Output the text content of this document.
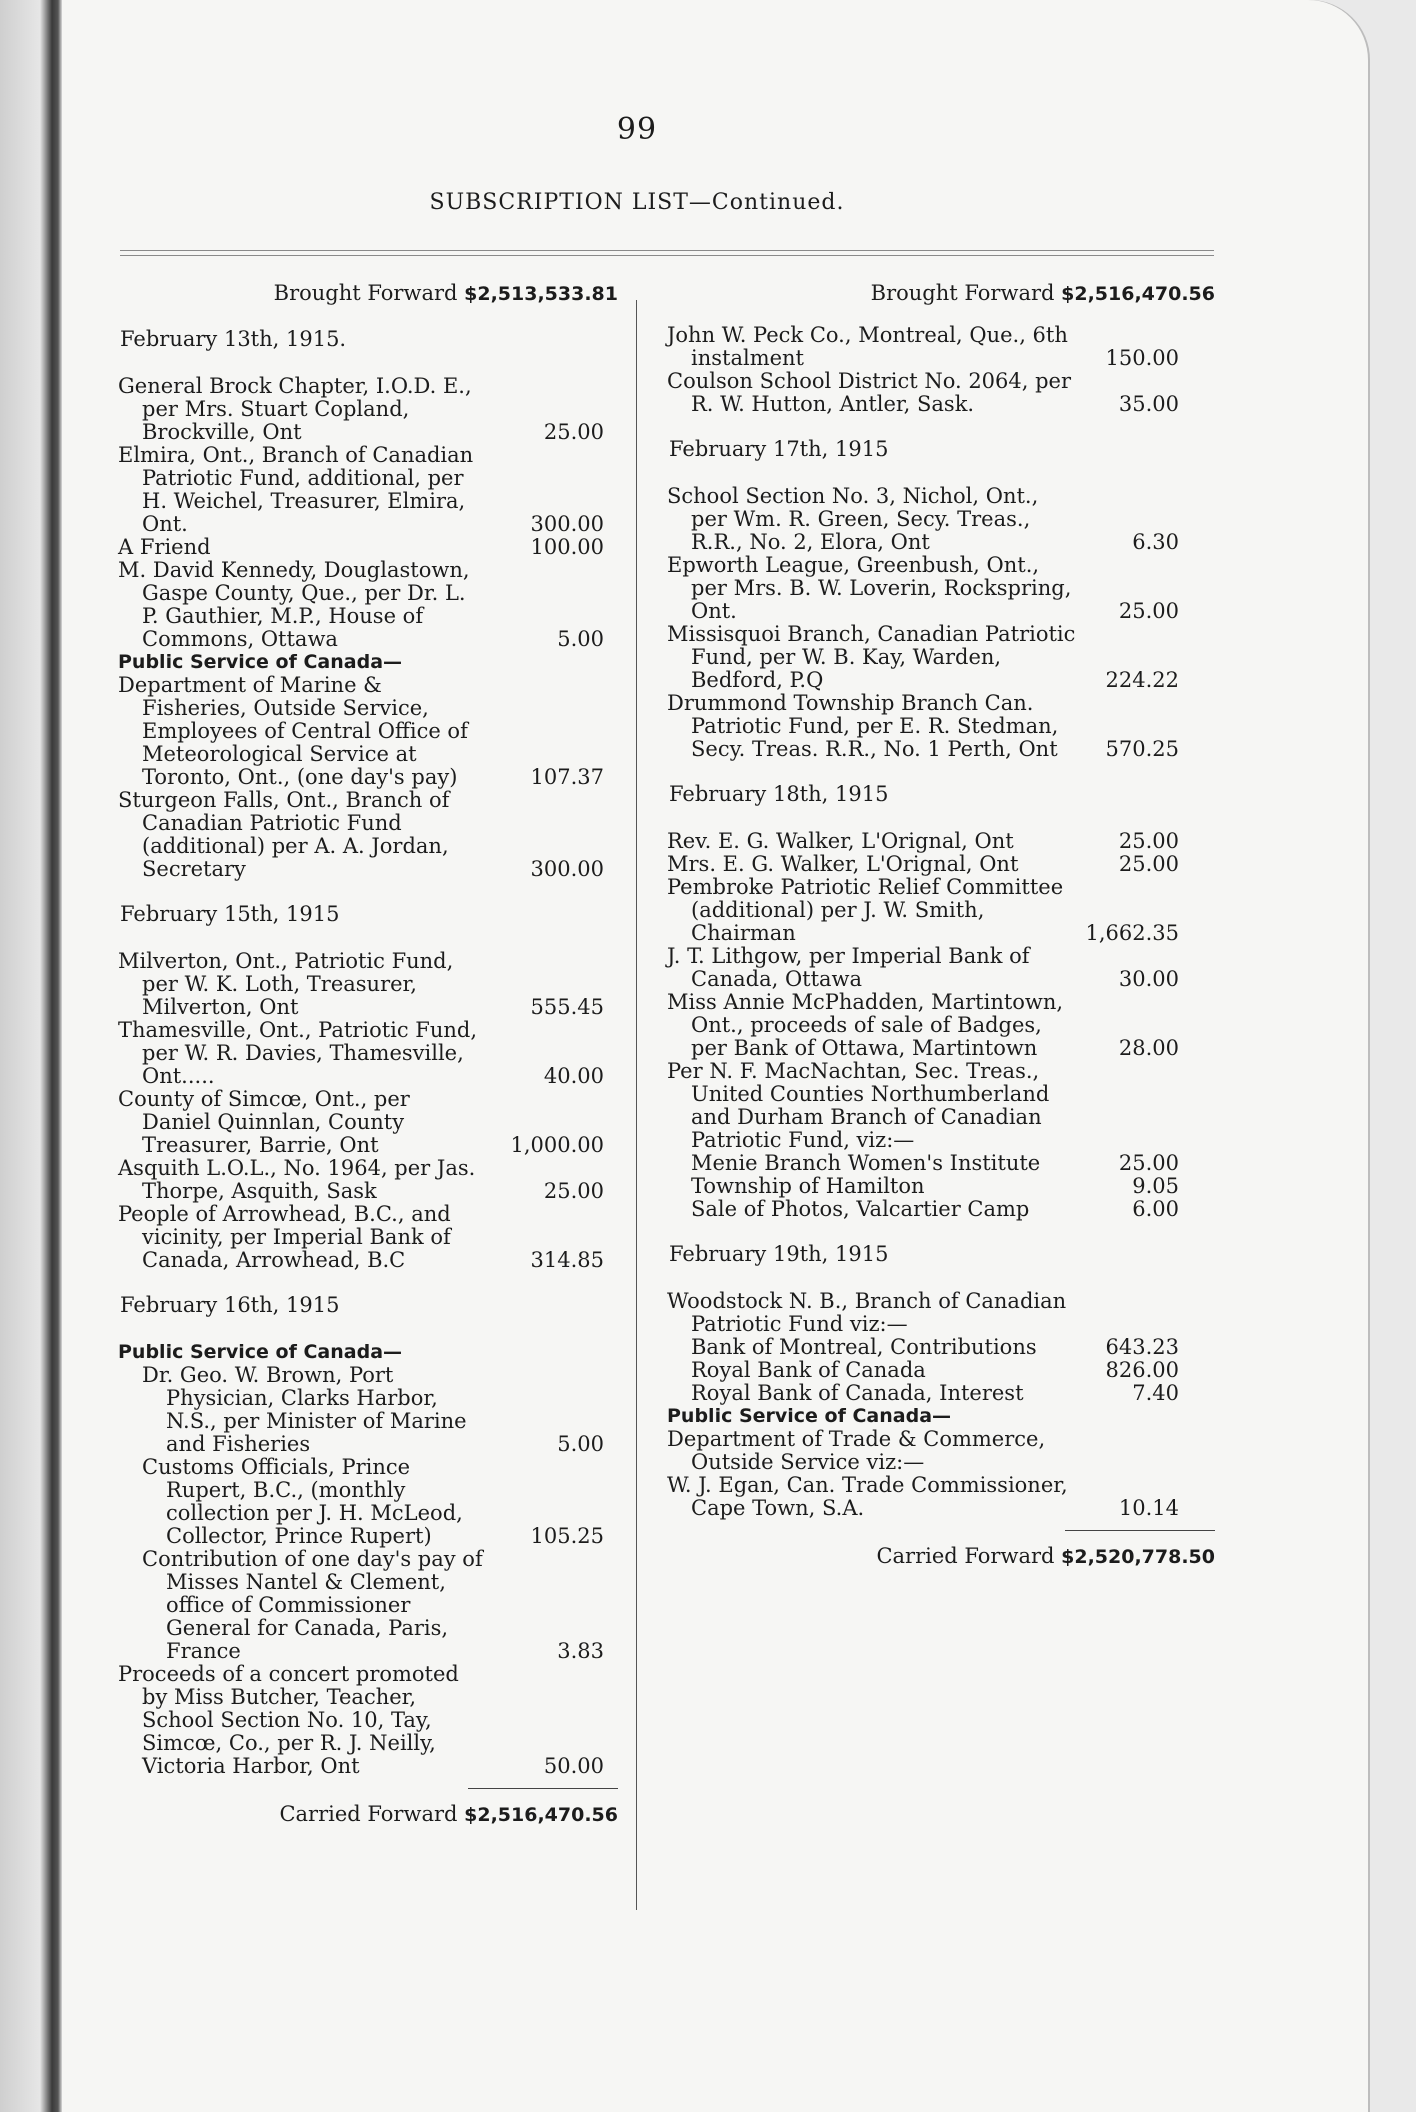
99
SUBSCRIPTION LIST—Continued.
Brought Forward $2,513,533.81
February 13th, 1915.
General Brock Chapter, I.O.D. E., per Mrs. Stuart Copland, Brockville, Ont	25.00
Elmira, Ont., Branch of Canadian Patriotic Fund, additional, per H. Weichel, Treasurer, Elmira, Ont.	300.00
A Friend	100.00
M. David Kennedy, Douglastown, Gaspe County, Que., per Dr. L. P. Gauthier, M.P., House of Commons, Ottawa	5.00
Public Service of Canada—
Department of Marine & Fisheries, Outside Service, Employees of Central Office of Meteorological Service at Toronto, Ont., (one day's pay)	107.37
Sturgeon Falls, Ont., Branch of Canadian Patriotic Fund (additional) per A. A. Jordan, Secretary	300.00
February 15th, 1915
Milverton, Ont., Patriotic Fund, per W. K. Loth, Treasurer, Milverton, Ont	555.45
Thamesville, Ont., Patriotic Fund, per W. R. Davies, Thamesville, Ont.....	40.00
County of Simcœ, Ont., per Daniel Quinnlan, County Treasurer, Barrie, Ont	1,000.00
Asquith L.O.L., No. 1964, per Jas. Thorpe, Asquith, Sask	25.00
People of Arrowhead, B.C., and vicinity, per Imperial Bank of Canada, Arrowhead, B.C	314.85
February 16th, 1915
Public Service of Canada—
Dr. Geo. W. Brown, Port Physician, Clarks Harbor, N.S., per Minister of Marine and Fisheries	5.00
Customs Officials, Prince Rupert, B.C., (monthly collection per J. H. McLeod, Collector, Prince Rupert)	105.25
Contribution of one day's pay of Misses Nantel & Clement, office of Commissioner General for Canada, Paris, France	3.83
Proceeds of a concert promoted by Miss Butcher, Teacher, School Section No. 10, Tay, Simcœ, Co., per R. J. Neilly, Victoria Harbor, Ont	50.00
Carried Forward $2,516,470.56
Brought Forward $2,516,470.56
John W. Peck Co., Montreal, Que., 6th instalment	150.00
Coulson School District No. 2064, per R. W. Hutton, Antler, Sask.	35.00
February 17th, 1915
School Section No. 3, Nichol, Ont., per Wm. R. Green, Secy. Treas., R.R., No. 2, Elora, Ont	6.30
Epworth League, Greenbush, Ont., per Mrs. B. W. Loverin, Rockspring, Ont.	25.00
Missisquoi Branch, Canadian Patriotic Fund, per W. B. Kay, Warden, Bedford, P.Q	224.22
Drummond Township Branch Can. Patriotic Fund, per E. R. Stedman, Secy. Treas. R.R., No. 1 Perth, Ont	570.25
February 18th, 1915
Rev. E. G. Walker, L'Orignal, Ont	25.00
Mrs. E. G. Walker, L'Orignal, Ont	25.00
Pembroke Patriotic Relief Committee (additional) per J. W. Smith, Chairman	1,662.35
J. T. Lithgow, per Imperial Bank of Canada, Ottawa	30.00
Miss Annie McPhadden, Martintown, Ont., proceeds of sale of Badges, per Bank of Ottawa, Martintown	28.00
Per N. F. MacNachtan, Sec. Treas., United Counties Northumberland and Durham Branch of Canadian Patriotic Fund, viz:—
Menie Branch Women's Institute	25.00
Township of Hamilton	9.05
Sale of Photos, Valcartier Camp	6.00
February 19th, 1915
Woodstock N. B., Branch of Canadian Patriotic Fund viz:—
Bank of Montreal, Contributions	643.23
Royal Bank of Canada	826.00
Royal Bank of Canada, Interest	7.40
Public Service of Canada—
Department of Trade & Commerce, Outside Service viz:—
W. J. Egan, Can. Trade Commissioner, Cape Town, S.A.	10.14
Carried Forward $2,520,778.50
